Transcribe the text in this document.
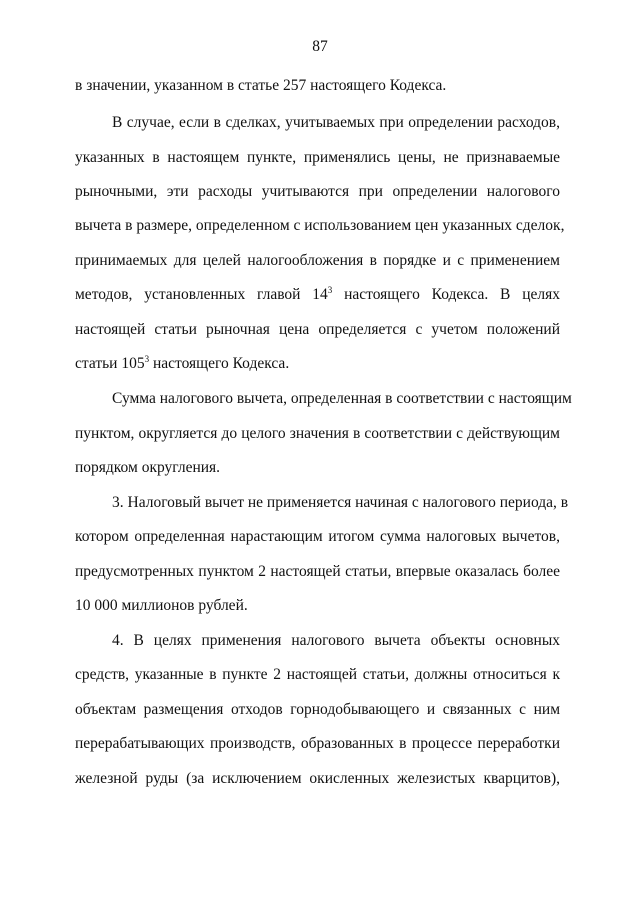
87
в значении, указанном в статье 257 настоящего Кодекса.
В случае, если в сделках, учитываемых при определении расходов,
указанных в настоящем пункте, применялись цены, не признаваемые
рыночными, эти расходы учитываются при определении налогового
вычета в размере, определенном с использованием цен указанных сделок,
принимаемых для целей налогообложения в порядке и с применением
методов, установленных главой $14^3$ настоящего Кодекса. В целях
настоящей статьи рыночная цена определяется с учетом положений
статьи $105^3$ настоящего Кодекса.
Сумма налогового вычета, определенная в соответствии с настоящим
пунктом, округляется до целого значения в соответствии с действующим
порядком округления.
3. Налоговый вычет не применяется начиная с налогового периода, в
котором определенная нарастающим итогом сумма налоговых вычетов,
предусмотренных пунктом 2 настоящей статьи, впервые оказалась более
10 000 миллионов рублей.
4. В целях применения налогового вычета объекты основных
средств, указанные в пункте 2 настоящей статьи, должны относиться к
объектам размещения отходов горнодобывающего и связанных с ним
перерабатывающих производств, образованных в процессе переработки
железной руды (за исключением окисленных железистых кварцитов),
